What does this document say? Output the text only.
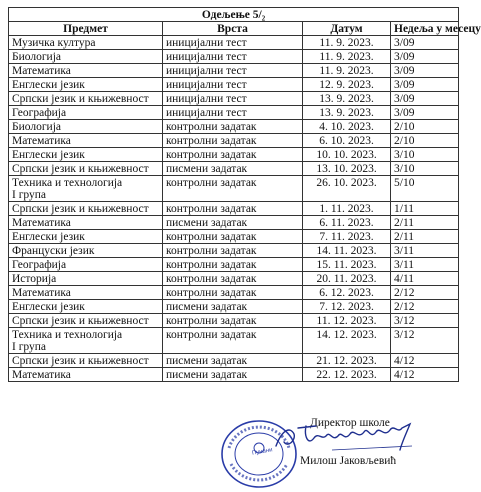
Одељење 5/₂			
Предмет	Врста	Датум	Недеља у месецу

Музичка култура	иницијални тест	11. 9. 2023.	3/09

Биологија	иницијални тест	11. 9. 2023.	3/09

Математика	иницијални тест	11. 9. 2023.	3/09

Енглески језик	иницијални тест	12. 9. 2023.	3/09

Српски језик и књижевност	иницијални тест	13. 9. 2023.	3/09

Географија	иницијални тест	13. 9. 2023.	3/09

Биологија	контролни задатак	4. 10. 2023.	2/10

Математика	контролни задатак	6. 10. 2023.	2/10

Енглески језик	контролни задатак	10. 10. 2023.	3/10

Српски језик и књижевност	писмени задатак	13. 10. 2023.	3/10

Техника и технологија
I група	контролни задатак	26. 10. 2023.	5/10

Српски језик и књижевност	контролни задатак	1. 11. 2023.	1/11

Математика	писмени задатак	6. 11. 2023.	2/11

Енглески језик	контролни задатак	7. 11. 2023.	2/11

Француски језик	контролни задатак	14. 11. 2023.	3/11

Географија	контролни задатак	15. 11. 2023.	3/11

Историја	контролни задатак	20. 11. 2023.	4/11

Математика	контролни задатак	6. 12. 2023.	2/12

Енглески језик	писмени задатак	7. 12. 2023.	2/12

Српски језик и књижевност	контролни задатак	11. 12. 2023.	3/12

Техника и технологија
I група	контролни задатак	14. 12. 2023.	3/12

Српски језик и књижевност	писмени задатак	21. 12. 2023.	4/12

Математика	писмени задатак	22. 12. 2023.	4/12
Директор школе
Пунани
Милош Јаковљевић
